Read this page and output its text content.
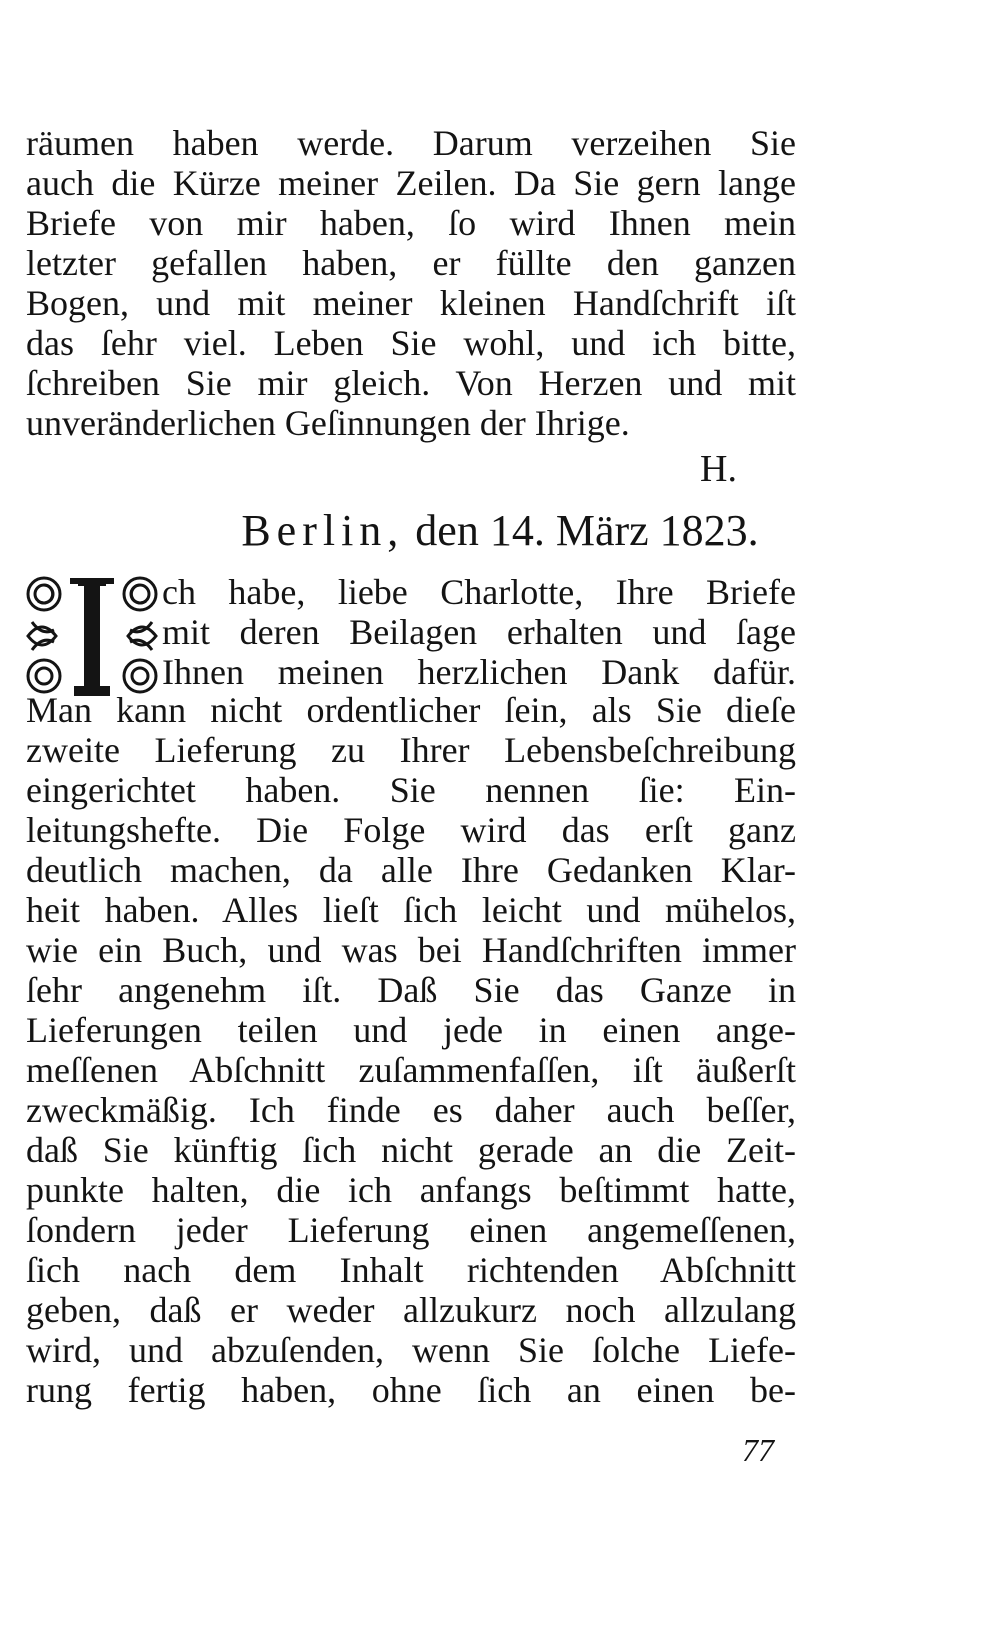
räumen haben werde. Darum verzeihen Sie
auch die Kürze meiner Zeilen. Da Sie gern lange
Briefe von mir haben, ſo wird Ihnen mein
letzter gefallen haben, er füllte den ganzen
Bogen, und mit meiner kleinen Handſchrift iſt
das ſehr viel. Leben Sie wohl, und ich bitte,
ſchreiben Sie mir gleich. Von Herzen und mit
unveränderlichen Geſinnungen der Ihrige.
H.
Berlin, den 14. März 1823.
ch habe, liebe Charlotte, Ihre Briefe
mit deren Beilagen erhalten und ſage
Ihnen meinen herzlichen Dank dafür.
Man kann nicht ordentlicher ſein, als Sie dieſe
zweite Lieferung zu Ihrer Lebensbeſchreibung
eingerichtet haben. Sie nennen ſie: Ein-
leitungshefte. Die Folge wird das erſt ganz
deutlich machen, da alle Ihre Gedanken Klar-
heit haben. Alles lieſt ſich leicht und mühelos,
wie ein Buch, und was bei Handſchriften immer
ſehr angenehm iſt. Daß Sie das Ganze in
Lieferungen teilen und jede in einen ange-
meſſenen Abſchnitt zuſammenfaſſen, iſt äußerſt
zweckmäßig. Ich finde es daher auch beſſer,
daß Sie künftig ſich nicht gerade an die Zeit-
punkte halten, die ich anfangs beſtimmt hatte,
ſondern jeder Lieferung einen angemeſſenen,
ſich nach dem Inhalt richtenden Abſchnitt
geben, daß er weder allzukurz noch allzulang
wird, und abzuſenden, wenn Sie ſolche Liefe-
rung fertig haben, ohne ſich an einen be-
77
